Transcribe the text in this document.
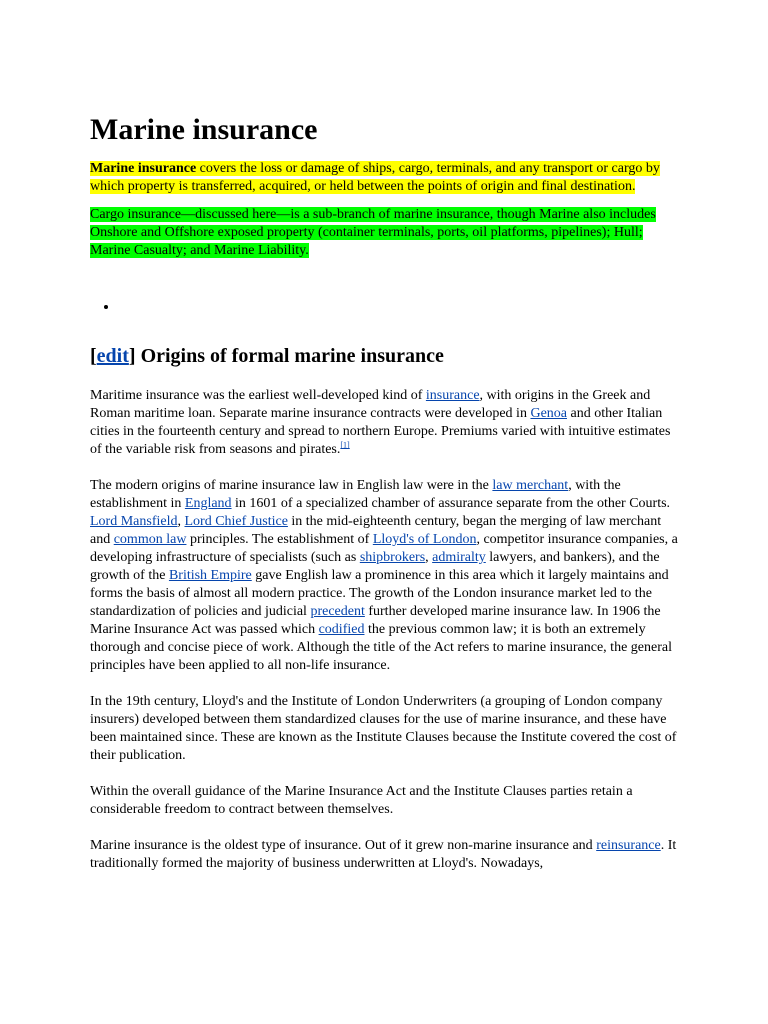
Marine insurance

Marine insurance covers the loss or damage of ships, cargo, terminals, and any transport or cargo by which property is transferred, acquired, or held between the points of origin and final destination.

Cargo insurance—discussed here—is a sub-branch of marine insurance, though Marine also includes Onshore and Offshore exposed property (container terminals, ports, oil platforms, pipelines); Hull; Marine Casualty; and Marine Liability.

•
[edit] Origins of formal marine insurance

Maritime insurance was the earliest well-developed kind of insurance, with origins in the Greek and Roman maritime loan. Separate marine insurance contracts were developed in Genoa and other Italian cities in the fourteenth century and spread to northern Europe. Premiums varied with intuitive estimates of the variable risk from seasons and pirates.[1]

The modern origins of marine insurance law in English law were in the law merchant, with the establishment in England in 1601 of a specialized chamber of assurance separate from the other Courts. Lord Mansfield, Lord Chief Justice in the mid-eighteenth century, began the merging of law merchant and common law principles. The establishment of Lloyd's of London, competitor insurance companies, a developing infrastructure of specialists (such as shipbrokers, admiralty lawyers, and bankers), and the growth of the British Empire gave English law a prominence in this area which it largely maintains and forms the basis of almost all modern practice. The growth of the London insurance market led to the standardization of policies and judicial precedent further developed marine insurance law. In 1906 the Marine Insurance Act was passed which codified the previous common law; it is both an extremely thorough and concise piece of work. Although the title of the Act refers to marine insurance, the general principles have been applied to all non-life insurance.

In the 19th century, Lloyd's and the Institute of London Underwriters (a grouping of London company insurers) developed between them standardized clauses for the use of marine insurance, and these have been maintained since. These are known as the Institute Clauses because the Institute covered the cost of their publication.

Within the overall guidance of the Marine Insurance Act and the Institute Clauses parties retain a considerable freedom to contract between themselves.

Marine insurance is the oldest type of insurance. Out of it grew non-marine insurance and reinsurance. It traditionally formed the majority of business underwritten at Lloyd's. Nowadays,
